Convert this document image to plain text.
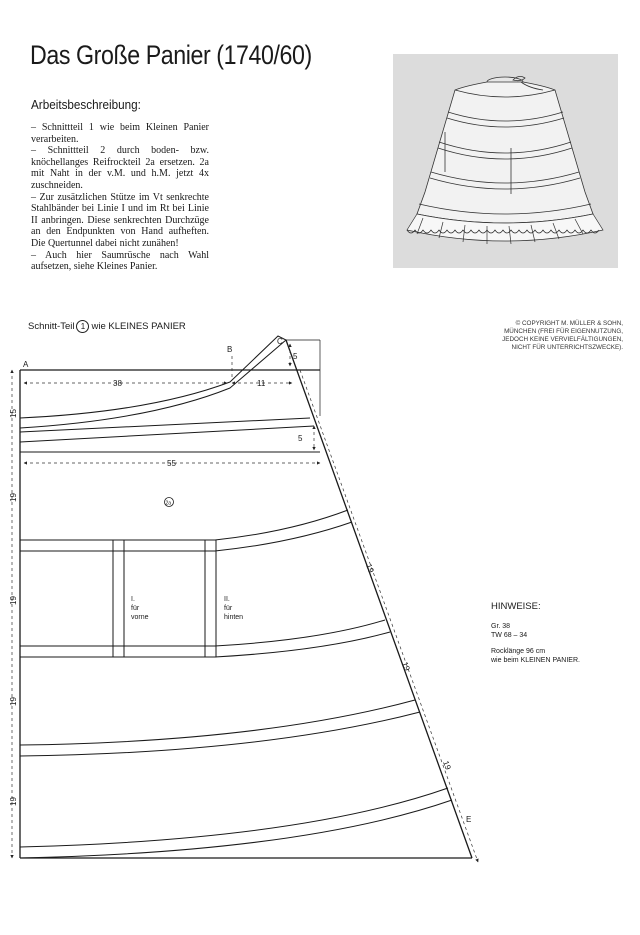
Das Große Panier (1740/60)
Arbeitsbeschreibung:

– Schnittteil 1 wie beim Kleinen Panier verarbeiten.

– Schnittteil 2 durch boden- bzw. knöchellanges Reifrockteil 2a ersetzen. 2a mit Naht in der v.M. und h.M. jetzt 4x zuschneiden.

– Zur zusätzlichen Stütze im Vt senkrechte Stahlbänder bei Linie I und im Rt bei Linie II anbringen. Diese senkrechten Durchzüge an den Endpunkten von Hand aufheften. Die Quertunnel dabei nicht zunähen!

– Auch hier Saumrüsche nach Wahl aufsetzen, siehe Kleines Panier.

© COPYRIGHT M. MÜLLER & SOHN,
MÜNCHEN (FREI FÜR EIGENNUTZUNG,
JEDOCH KEINE VERVIELFÄLTIGUNGEN,
NICHT FÜR UNTERRICHTSZWECKE).
Schnitt-Teil 1 wie KLEINES PANIER
HINWEISE:
Gr. 38
TW 68 – 34
Rocklänge 96 cm
wie beim KLEINEN PANIER.
A
B
C
E
38	11
5
5
55
15
19
19
19
19
19
19
19
2a
I.
für
vorne
II.
für
hinten
